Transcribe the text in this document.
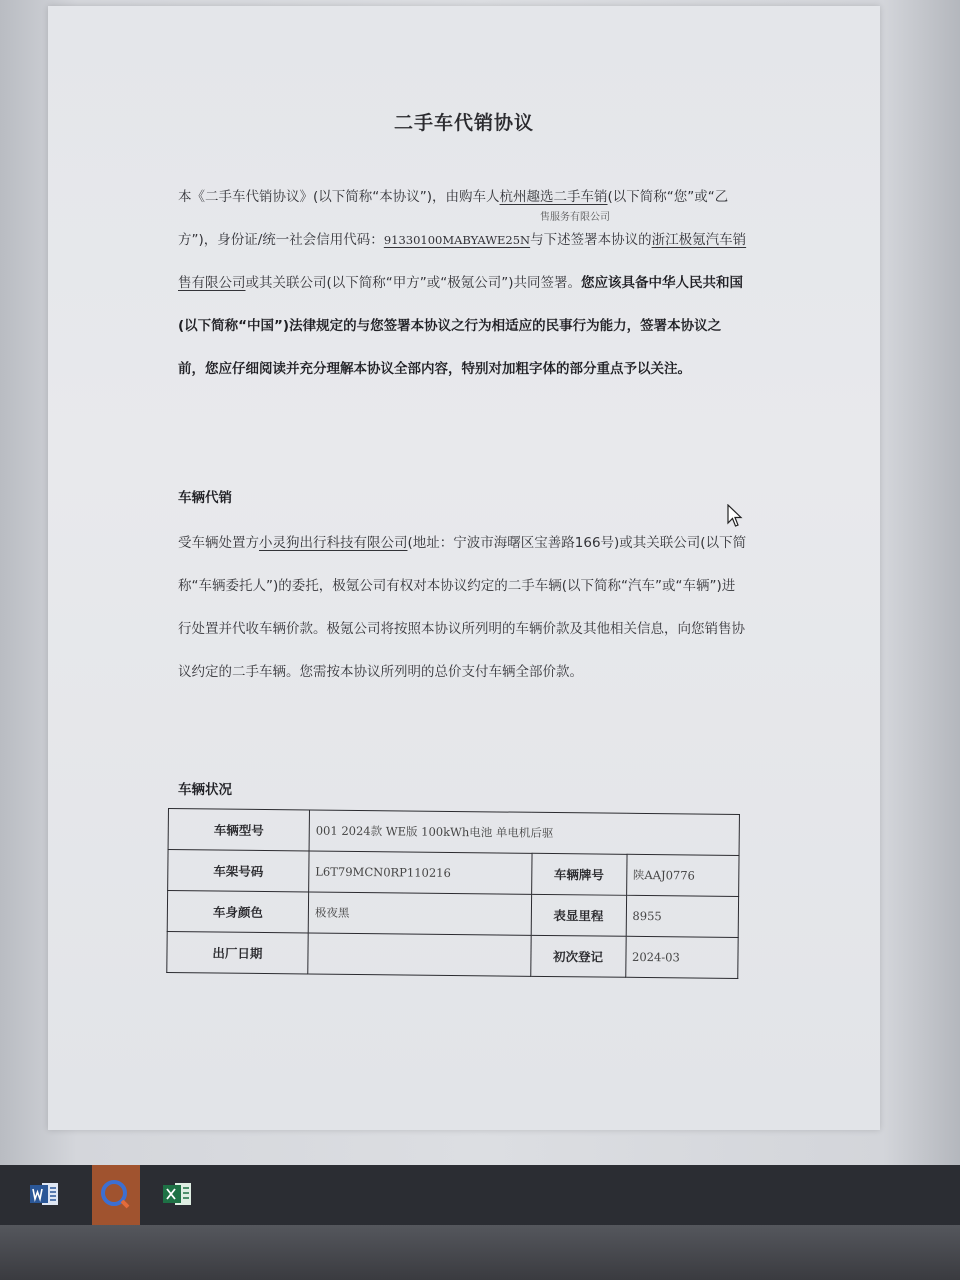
二手车代销协议
本《二手车代销协议》(以下简称“本协议”)，由购车人杭州趣选二手车销(以下简称“您”或“乙方”)，身份证/统一社会信用代码：91330100MABYAWE25N与下述签署本协议的浙江极氪汽车销售有限公司或其关联公司(以下简称“甲方”或“极氪公司”)共同签署。您应该具备中华人民共和国(以下简称“中国”)法律规定的与您签署本协议之行为相适应的民事行为能力，签署本协议之前，您应仔细阅读并充分理解本协议全部内容，特别对加粗字体的部分重点予以关注。
售服务有限公司
车辆代销
受车辆处置方小灵狗出行科技有限公司(地址：宁波市海曙区宝善路166号)或其关联公司(以下简称“车辆委托人”)的委托，极氪公司有权对本协议约定的二手车辆(以下简称“汽车”或“车辆”)进行处置并代收车辆价款。极氪公司将按照本协议所列明的车辆价款及其他相关信息，向您销售协议约定的二手车辆。您需按本协议所列明的总价支付车辆全部价款。
车辆状况
车辆型号	001 2024款 WE版 100kWh电池 单电机后驱		
车架号码	L6T79MCN0RP110216	车辆牌号	陕AAJ0776
车身颜色	极夜黑	表显里程	8955
出厂日期		初次登记	2024-03
